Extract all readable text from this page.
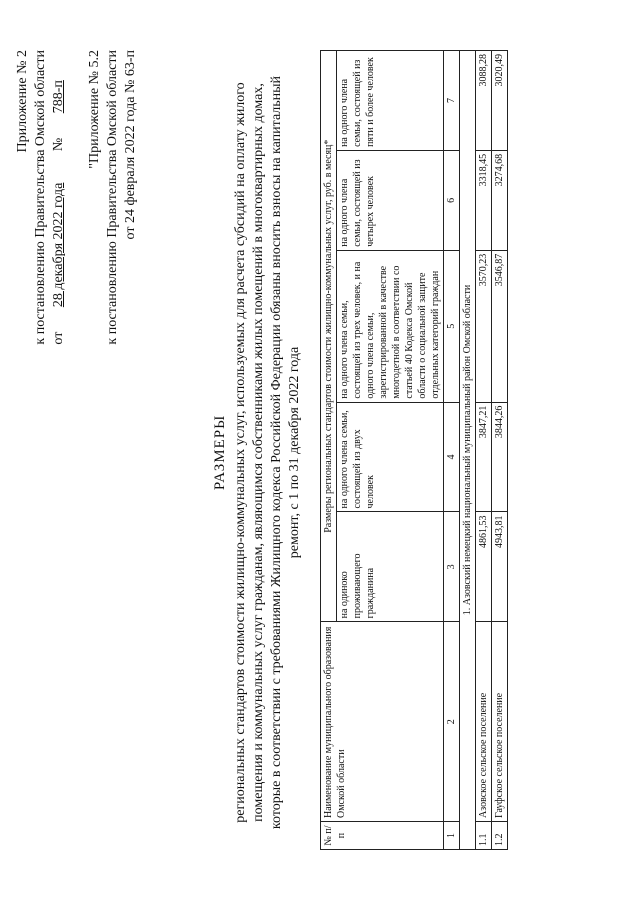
Приложение № 2 к постановлению Правительства Омской области от       28 декабря 2022 года         №       788-п "Приложение № 5.2 к постановлению Правительства Омской области от 24 февраля 2022 года № 63-п
РАЗМЕРЫ региональных стандартов стоимости жилищно-коммунальных услуг, используемых для расчета субсидий на оплату жилого помещения и коммунальных услуг гражданам, являющимся собственниками жилых помещений в многоквартирных домах, которые в соответствии с требованиями Жилищного кодекса Российской Федерации обязаны вносить взносы на капитальный ремонт, с 1 по 31 декабря 2022 года
№ п/п	Наименование муниципального образования Омской области	Размеры региональных стандартов стоимости жилищно-коммунальных услуг, руб. в месяц*				
		на одиноко проживающего гражданина	на одного члена семьи, состоящей из двух человек	на одного члена семьи, состоящей из трех человек, и на одного члена семьи, зарегистрированной в качестве многодетной в соответствии со статьей 40 Кодекса Омской области о социальной защите отдельных категорий граждан	на одного члена семьи, состоящей из четырех человек	на одного члена семьи, состоящей из пяти и более человек
1	2	3	4	5	6	7
1. Азовский немецкий национальный муниципальный район Омской области						
1.1	Азовское сельское поселение	4861,53	3847,21	3570,23	3318,45	3088,28
1.2	Гауфское сельское поселение	4943,81	3844,26	3546,87	3274,68	3020,49
